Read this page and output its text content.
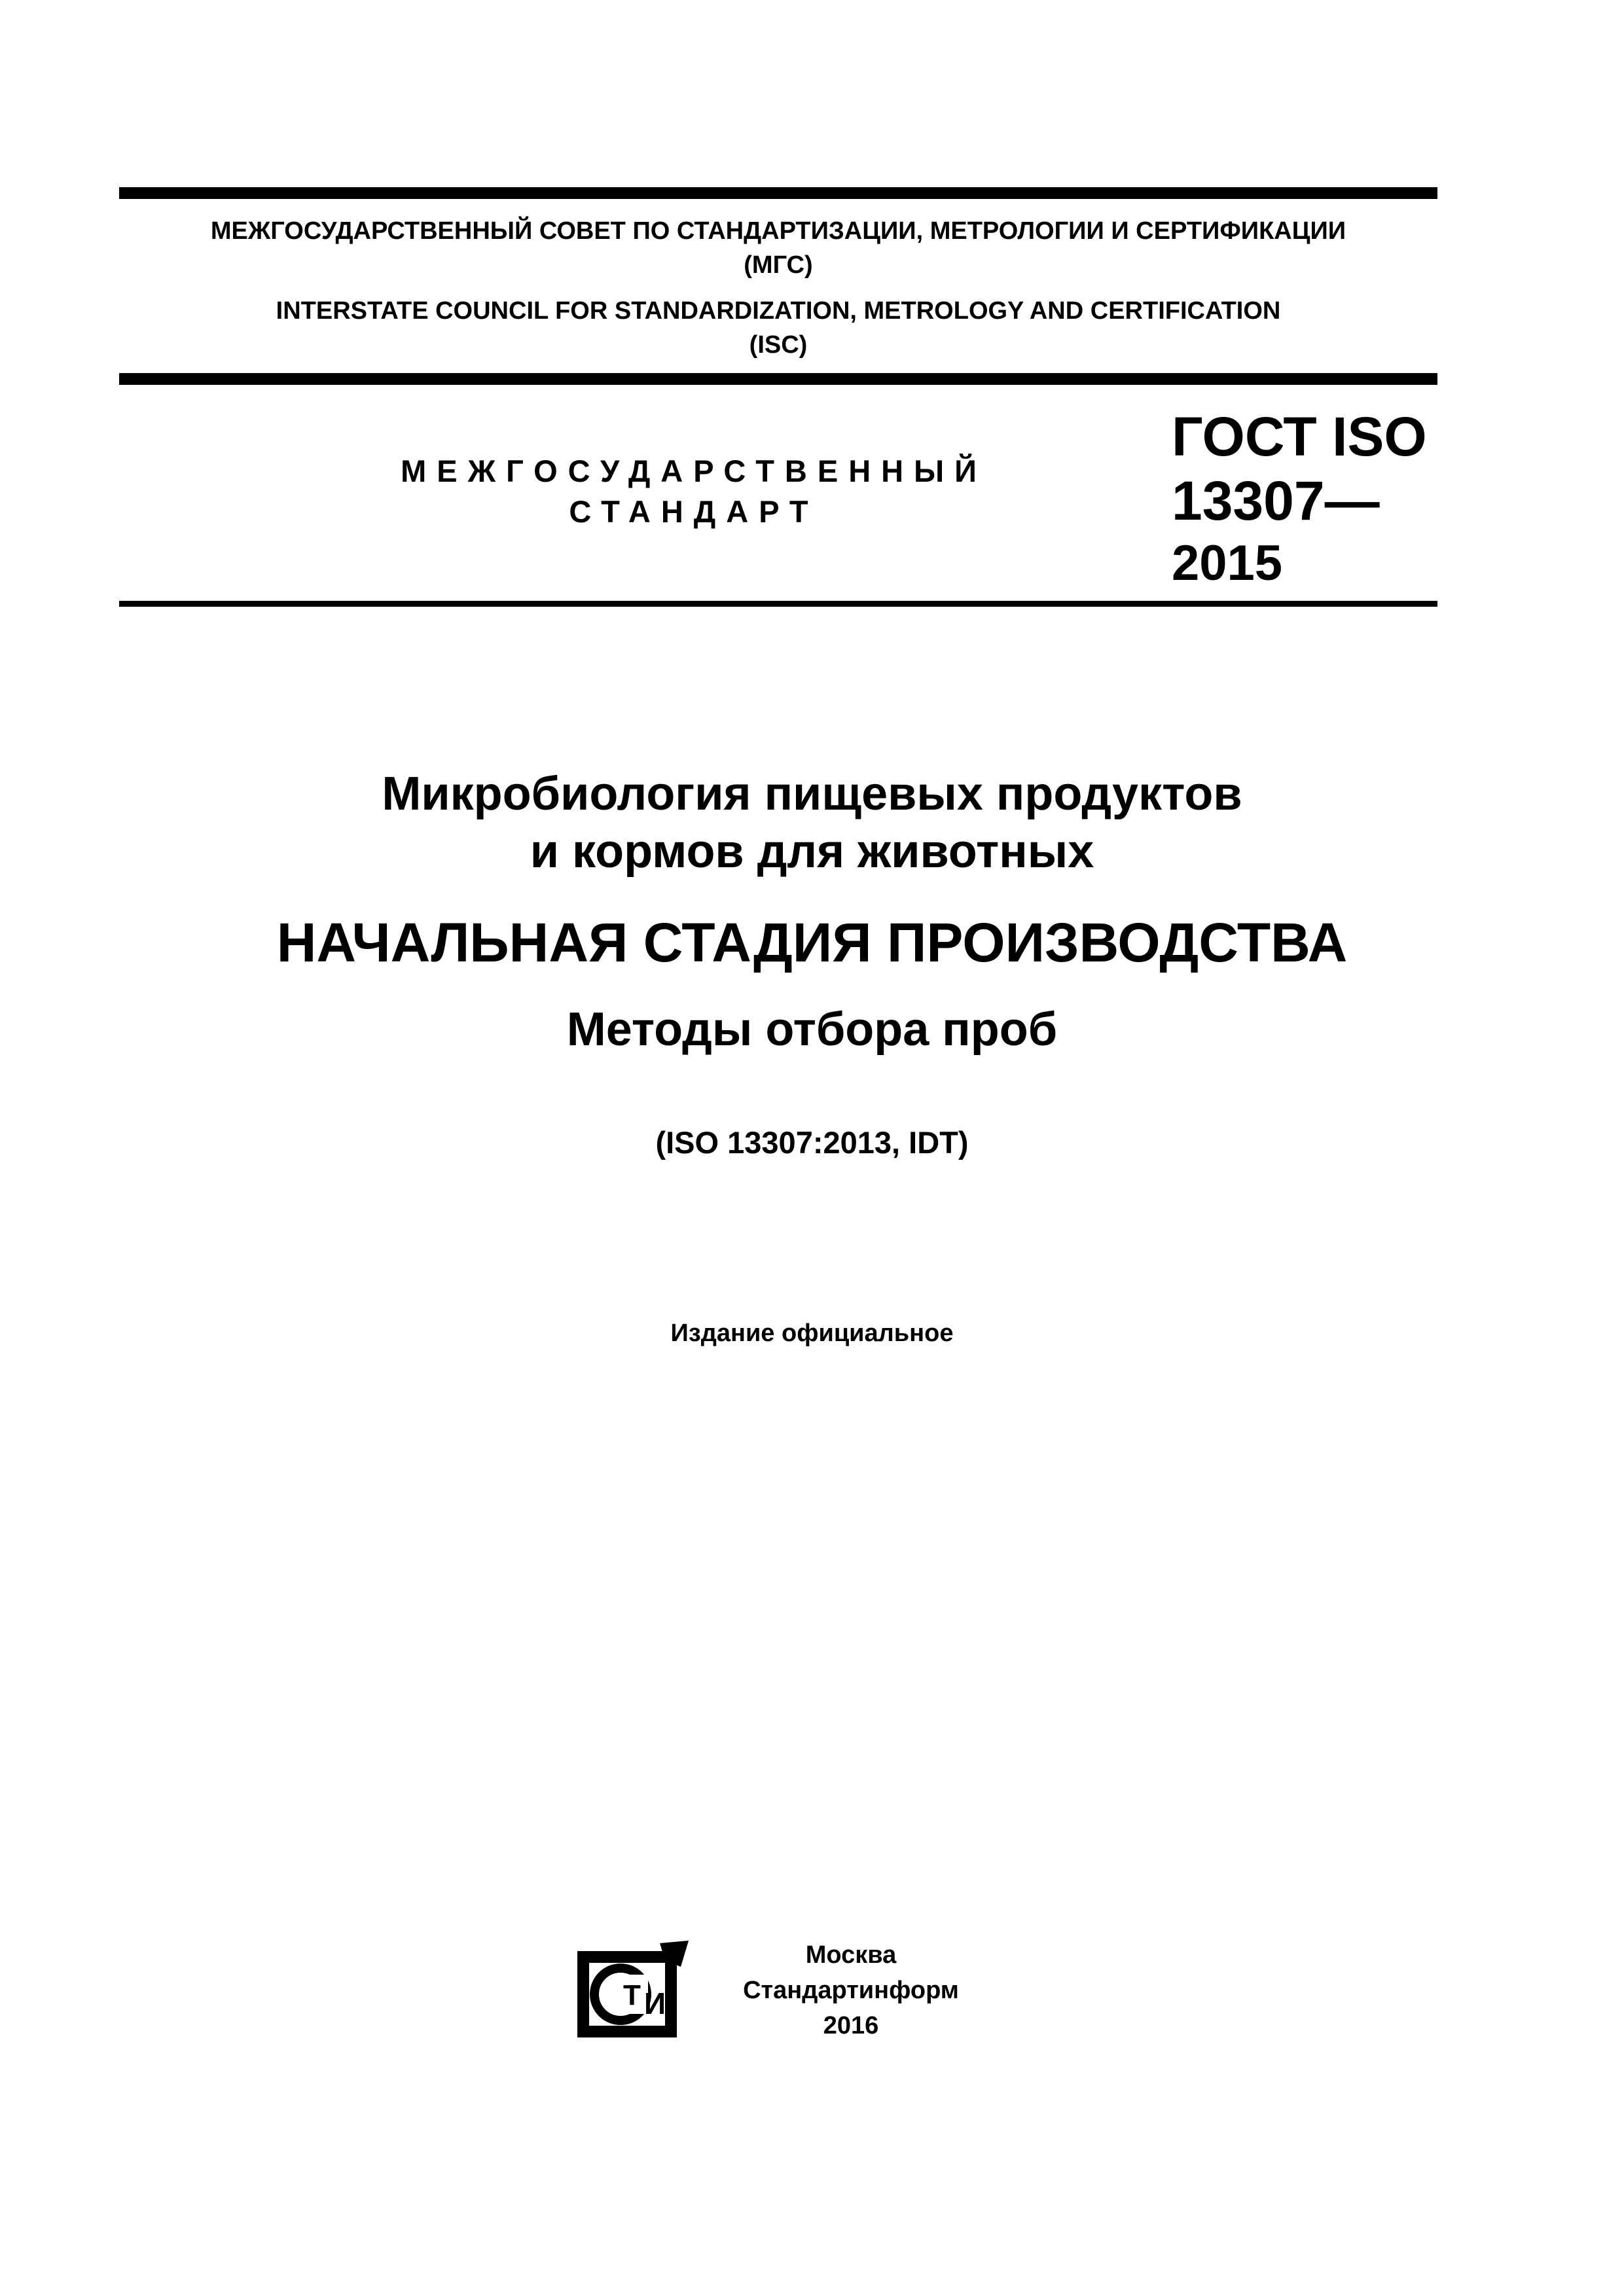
МЕЖГОСУДАРСТВЕННЫЙ СОВЕТ ПО СТАНДАРТИЗАЦИИ, МЕТРОЛОГИИ И СЕРТИФИКАЦИИ
(МГС)
INTERSTATE COUNCIL FOR STANDARDIZATION, METROLOGY AND CERTIFICATION
(ISC)
МЕЖГОСУДАРСТВЕННЫЙ
СТАНДАРТ
ГОСТ ISO
13307—
2015
Микробиология пищевых продуктов
и кормов для животных
НАЧАЛЬНАЯ СТАДИЯ ПРОИЗВОДСТВА
Методы отбора проб
(ISO 13307:2013, IDT)
Издание официальное
T И
Москва
Стандартинформ
2016
